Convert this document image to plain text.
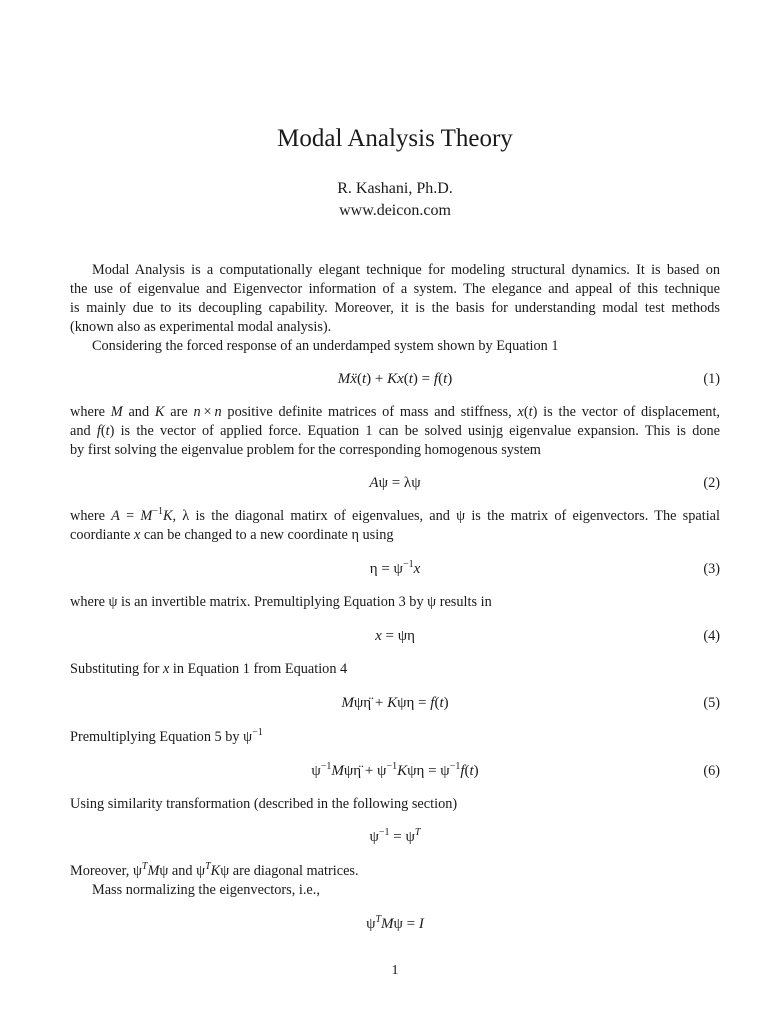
Modal Analysis Theory
R. Kashani, Ph.D.
www.deicon.com
Modal Analysis is a computationally elegant technique for modeling structural dynamics. It is based on
the use of eigenvalue and Eigenvector information of a system. The elegance and appeal of this technique
is mainly due to its decoupling capability. Moreover, it is the basis for understanding modal test methods
(known also as experimental modal analysis).
Considering the forced response of an underdamped system shown by Equation 1
Mẍ(t) + Kx(t) = f(t)	(1)
where M and K are n × n positive definite matrices of mass and stiffness, x(t) is the vector of displacement,
and f(t) is the vector of applied force. Equation 1 can be solved usinjg eigenvalue expansion. This is done
by first solving the eigenvalue problem for the corresponding homogenous system
Aψ = λψ	(2)
where $A = M^{-1}K$, λ is the diagonal matirx of eigenvalues, and ψ is the matrix of eigenvectors. The spatial
coordiante x can be changed to a new coordinate η using
$\eta = \psi^{-1}x$	(3)
where ψ is an invertible matrix. Premultiplying Equation 3 by ψ results in
x = ψη	(4)
Substituting for x in Equation 1 from Equation 4
Mψη̈ + Kψη = f(t)	(5)
Premultiplying Equation 5 by $\psi^{-1}$
$\psi^{-1}M\psi\etä + \psi^{-1}K\psi\eta = \psi^{-1}f(t)$	(6)
Using similarity transformation (described in the following section)
$\psi^{-1} = \psi^T$
Moreover, $\psi^TM\psi$ and $\psi^TK\psi$ are diagonal matrices.
Mass normalizing the eigenvectors, i.e.,
$\psi^TM\psi = I$
1
